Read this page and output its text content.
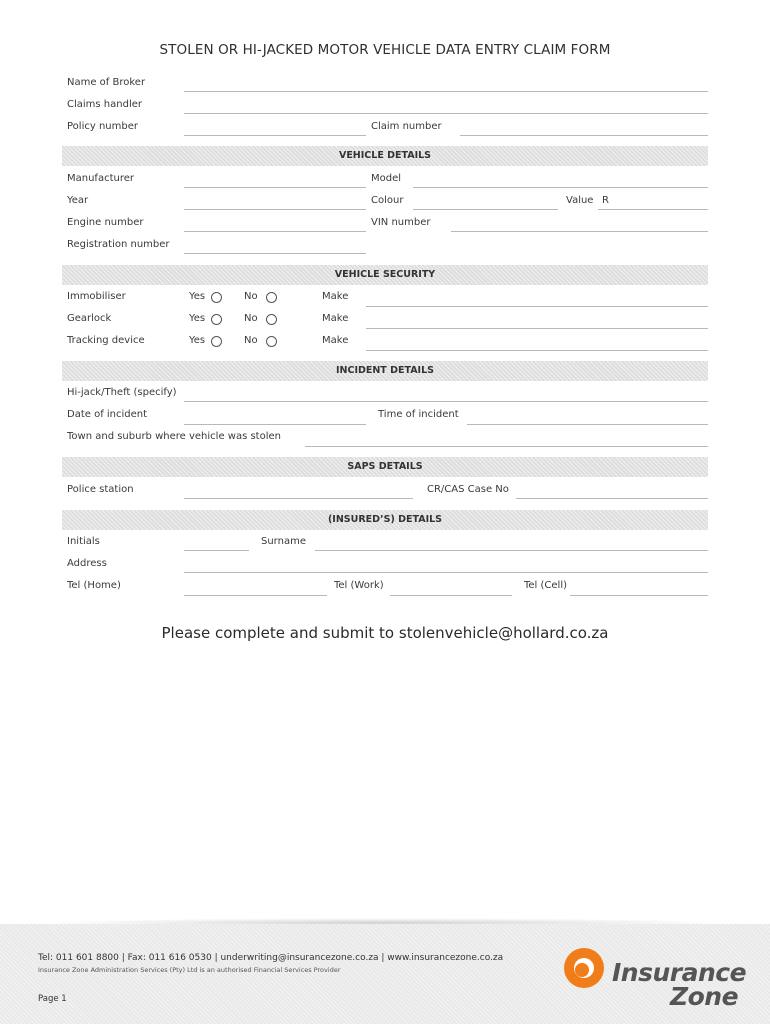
STOLEN OR HI-JACKED MOTOR VEHICLE DATA ENTRY CLAIM FORM
Name of Broker
Claims handler
Policy number	Claim number
VEHICLE DETAILS
Manufacturer	Model
Year	Colour	Value R
Engine number	VIN number
Registration number
VEHICLE SECURITY
Immobiliser	Yes	No	Make
Gearlock	Yes	No	Make
Tracking device	Yes	No	Make
INCIDENT DETAILS
Hi-jack/Theft (specify)
Date of incident	Time of incident
Town and suburb where vehicle was stolen
SAPS DETAILS
Police station	CR/CAS Case No
(INSURED’S) DETAILS
Initials	Surname
Address
Tel (Home)	Tel (Work)	Tel (Cell)
Please complete and submit to stolenvehicle@hollard.co.za
Tel: 011 601 8800 | Fax: 011 616 0530 | underwriting@insurancezone.co.za | www.insurancezone.co.za
Insurance Zone Administration Services (Pty) Ltd is an authorised Financial Services Provider
Page 1
Insurance
Zone
